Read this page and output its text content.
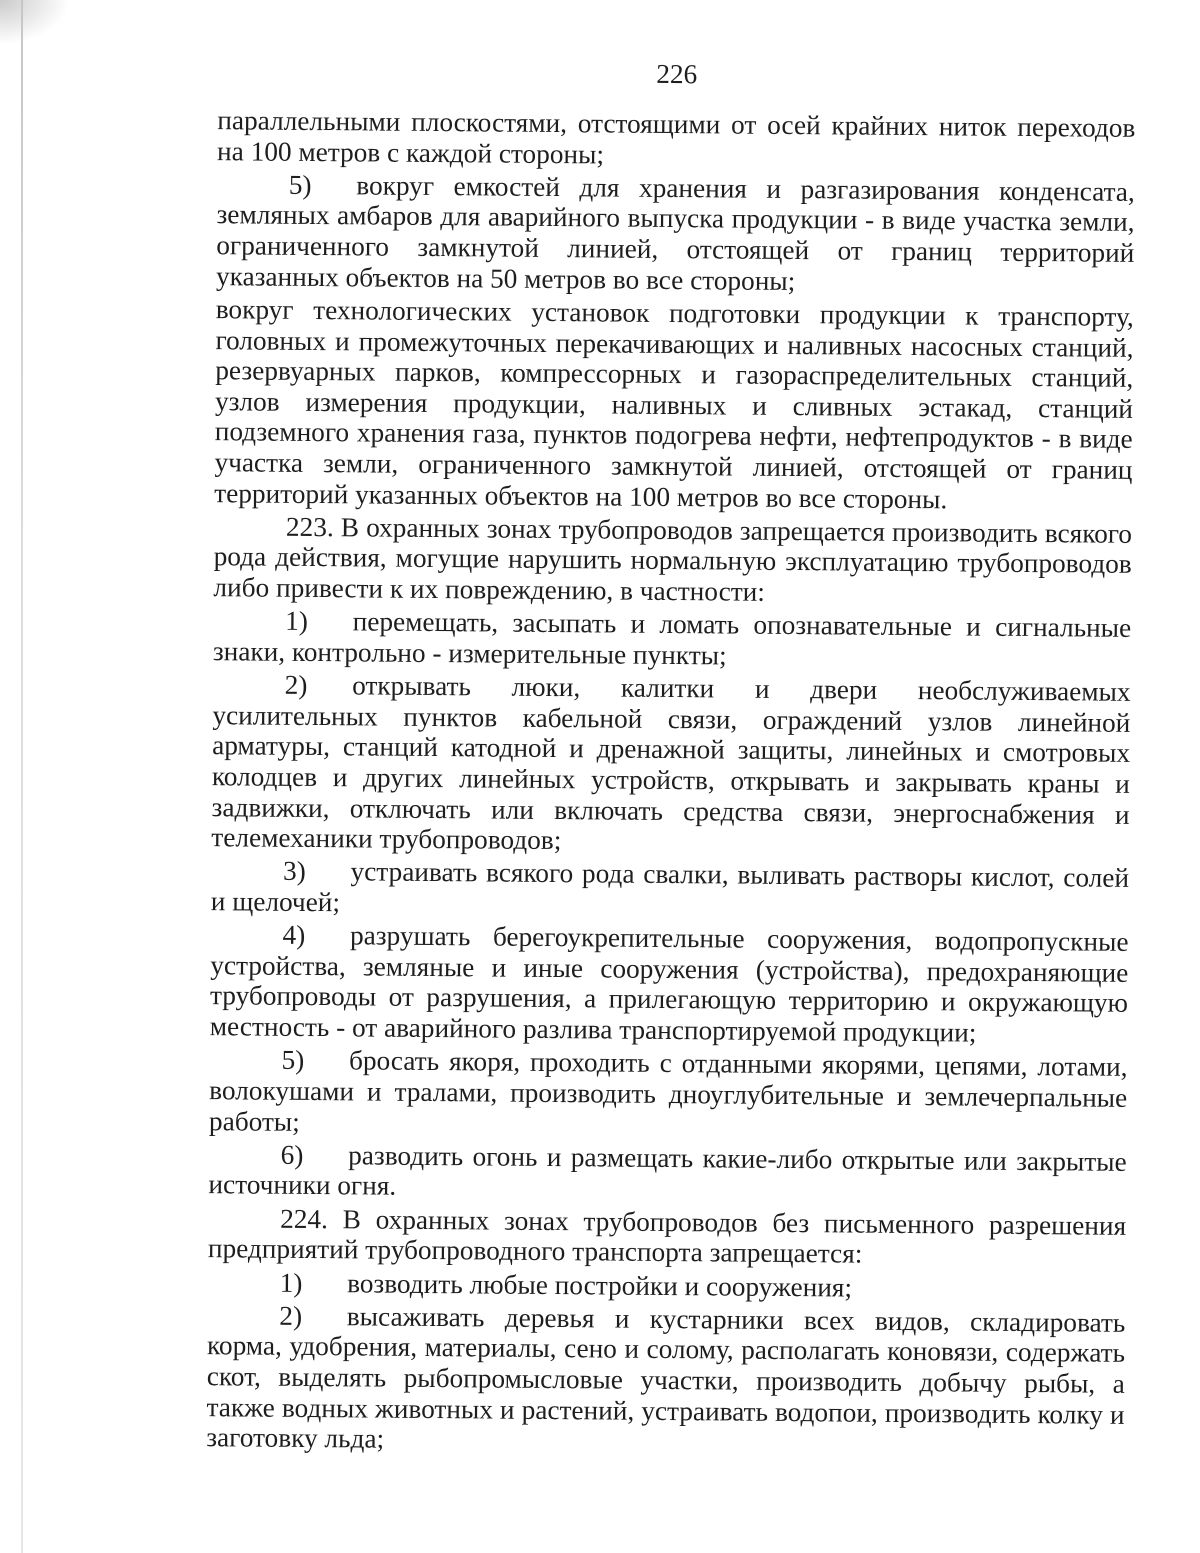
226

параллельными плоскостями, отстоящими от осей крайних ниток переходов на 100 метров с каждой стороны;

5) вокруг емкостей для хранения и разгазирования конденсата, земляных амбаров для аварийного выпуска продукции - в виде участка земли, ограниченного замкнутой линией, отстоящей от границ территорий указанных объектов на 50 метров во все стороны;

вокруг технологических установок подготовки продукции к транспорту, головных и промежуточных перекачивающих и наливных насосных станций, резервуарных парков, компрессорных и газораспределительных станций, узлов измерения продукции, наливных и сливных эстакад, станций подземного хранения газа, пунктов подогрева нефти, нефтепродуктов - в виде участка земли, ограниченного замкнутой линией, отстоящей от границ территорий указанных объектов на 100 метров во все стороны.

223. В охранных зонах трубопроводов запрещается производить всякого рода действия, могущие нарушить нормальную эксплуатацию трубопроводов либо привести к их повреждению, в частности:

1) перемещать, засыпать и ломать опознавательные и сигнальные знаки, контрольно - измерительные пункты;

2) открывать люки, калитки и двери необслуживаемых усилительных пунктов кабельной связи, ограждений узлов линейной арматуры, станций катодной и дренажной защиты, линейных и смотровых колодцев и других линейных устройств, открывать и закрывать краны и задвижки, отключать или включать средства связи, энергоснабжения и телемеханики трубопроводов;

3) устраивать всякого рода свалки, выливать растворы кислот, солей и щелочей;

4) разрушать берегоукрепительные сооружения, водопропускные устройства, земляные и иные сооружения (устройства), предохраняющие трубопроводы от разрушения, а прилегающую территорию и окружающую местность - от аварийного разлива транспортируемой продукции;

5) бросать якоря, проходить с отданными якорями, цепями, лотами, волокушами и тралами, производить дноуглубительные и землечерпальные работы;

6) разводить огонь и размещать какие-либо открытые или закрытые источники огня.

224. В охранных зонах трубопроводов без письменного разрешения предприятий трубопроводного транспорта запрещается:

1) возводить любые постройки и сооружения;

2) высаживать деревья и кустарники всех видов, складировать корма, удобрения, материалы, сено и солому, располагать коновязи, содержать скот, выделять рыбопромысловые участки, производить добычу рыбы, а также водных животных и растений, устраивать водопои, производить колку и заготовку льда;
